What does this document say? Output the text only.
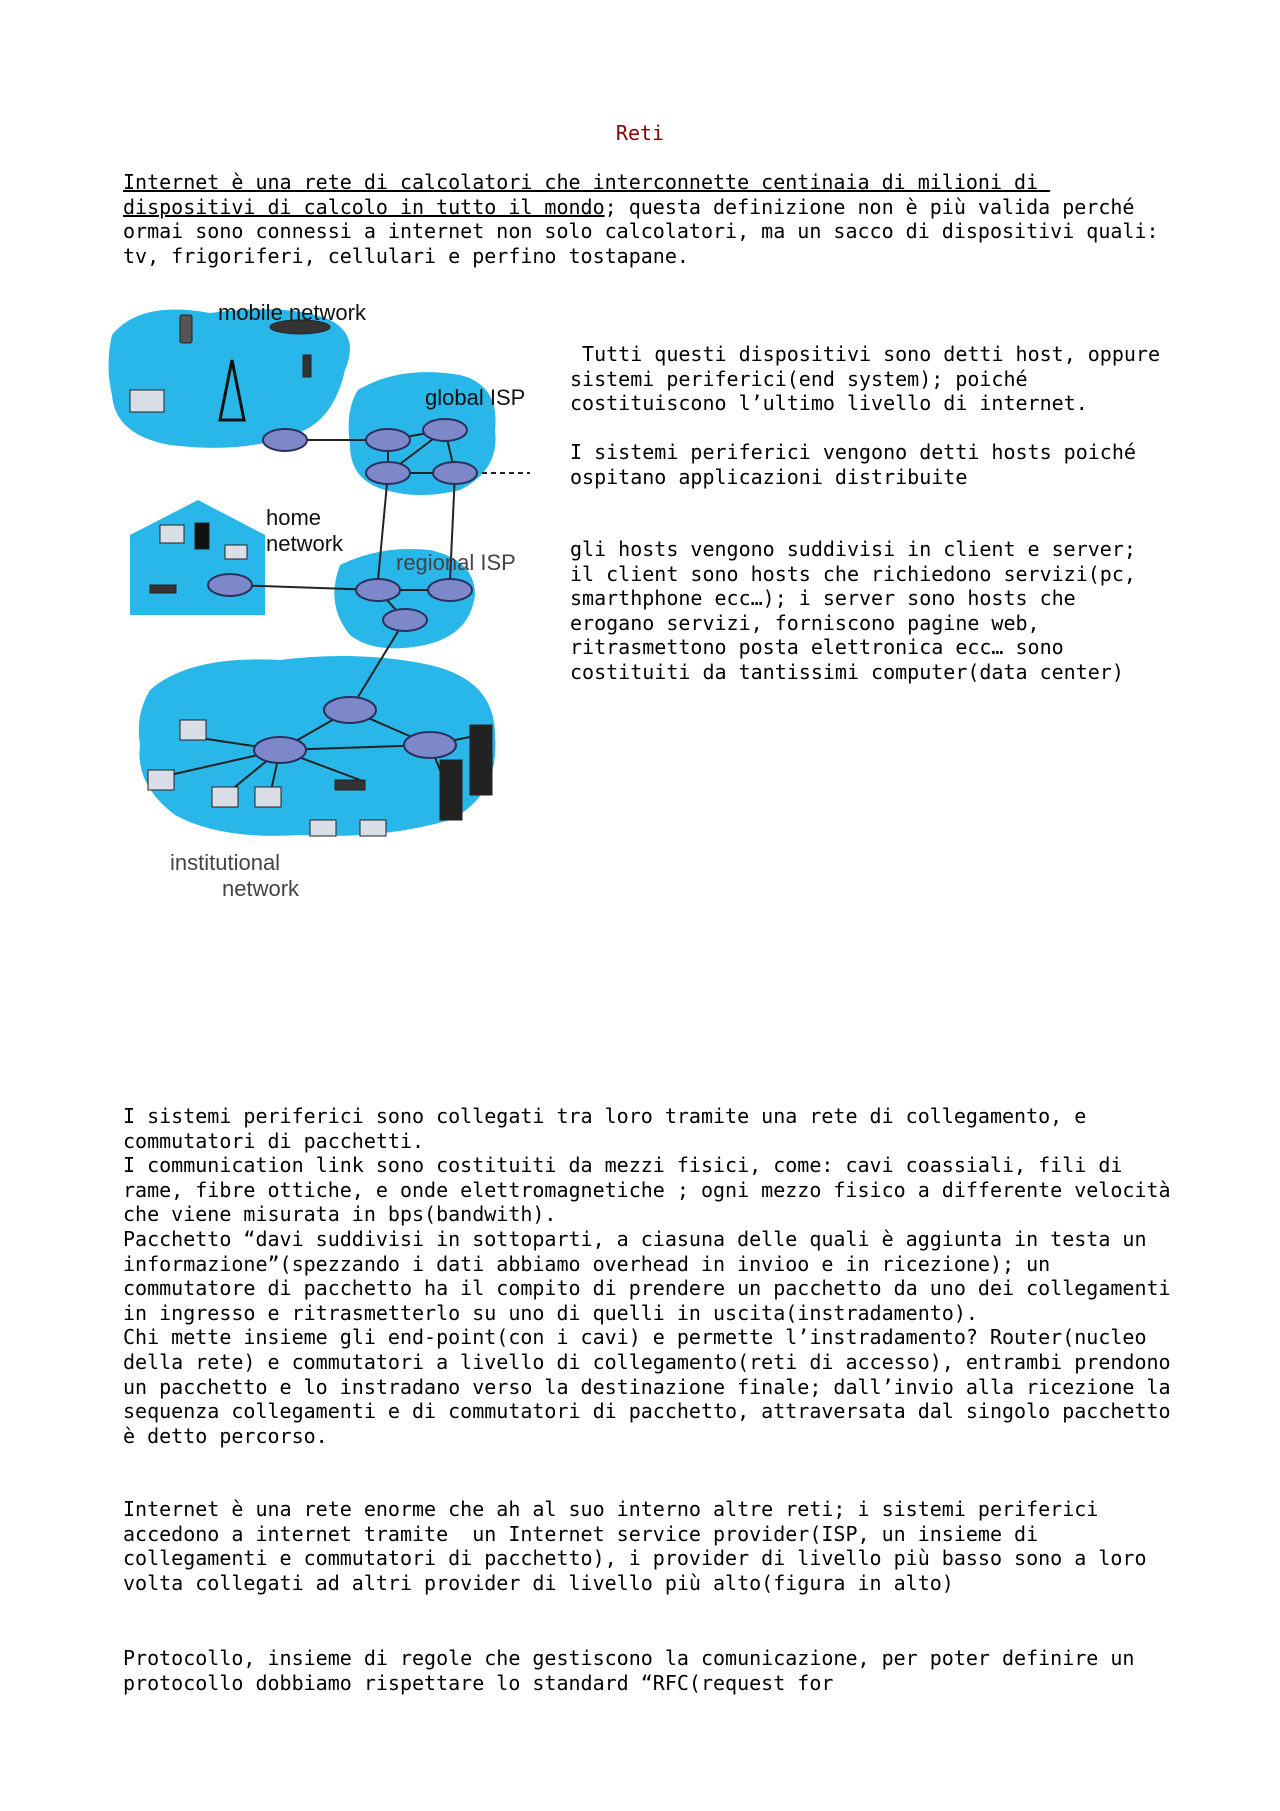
Reti

Internet è una rete di calcolatori che interconnette centinaia di milioni di dispositivi di calcolo in tutto il mondo; questa definizione non è più valida perché ormai sono connessi a internet non solo calcolatori, ma un sacco di dispositivi quali: tv, frigoriferi, cellulari e perfino tostapane.

mobile network
global ISP
home
network
regional ISP
institutional
network

Tutti questi dispositivi sono detti host, oppure sistemi periferici(end system); poiché costituiscono l’ultimo livello di internet.

I sistemi periferici vengono detti hosts poiché ospitano applicazioni distribuite

gli hosts vengono suddivisi in client e server; il client sono hosts che richiedono servizi(pc, smarthphone ecc…); i server sono hosts che erogano servizi, forniscono pagine web, ritrasmettono posta elettronica ecc… sono costituiti da tantissimi computer(data center)

I sistemi periferici sono collegati tra loro tramite una rete di collegamento, e commutatori di pacchetti.
I communication link sono costituiti da mezzi fisici, come: cavi coassiali, fili di rame, fibre ottiche, e onde elettromagnetiche ; ogni mezzo fisico a differente velocità che viene misurata in bps(bandwith).
Pacchetto “davi suddivisi in sottoparti, a ciasuna delle quali è aggiunta in testa un informazione”(spezzando i dati abbiamo overhead in invioo e in ricezione); un commutatore di pacchetto ha il compito di prendere un pacchetto da uno dei collegamenti in ingresso e ritrasmetterlo su uno di quelli in uscita(instradamento).
Chi mette insieme gli end-point(con i cavi) e permette l’instradamento? Router(nucleo della rete) e commutatori a livello di collegamento(reti di accesso), entrambi prendono un pacchetto e lo instradano verso la destinazione finale; dall’invio alla ricezione la sequenza collegamenti e di commutatori di pacchetto, attraversata dal singolo pacchetto è detto percorso.

Internet è una rete enorme che ah al suo interno altre reti; i sistemi periferici accedono a internet tramite  un Internet service provider(ISP, un insieme di collegamenti e commutatori di pacchetto), i provider di livello più basso sono a loro volta collegati ad altri provider di livello più alto(figura in alto)

Protocollo, insieme di regole che gestiscono la comunicazione, per poter definire un protocollo dobbiamo rispettare lo standard “RFC(request for
